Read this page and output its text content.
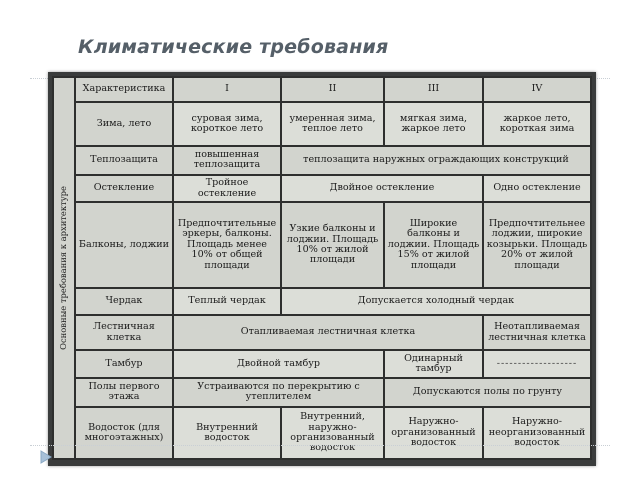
Климатические требования
Основные требования к архитектуре	Характеристика	I	II	III	IV
	Зима, лето	суровая зима, короткое лето	умеренная зима, теплое лето	мягкая зима, жаркое лето	жаркое лето, короткая зима
	Теплозащита	повышенная теплозащита	теплозащита наружных ограждающих конструкций		
	Остекление	Тройное остекление	Двойное остекление		Одно остекление
	Балконы, лоджии	Предпочтительные эркеры, балконы. Площадь менее 10% от общей площади	Узкие балконы и лоджии. Площадь 10% от жилой площади	Широкие балконы и лоджии. Площадь 15% от жилой площади	Предпочтительнее лоджии, широкие козырьки. Площадь 20% от жилой площади
	Чердак	Теплый чердак	Допускается холодный чердак		
	Лестничная клетка	Отапливаемая лестничная клетка			Неотапливаемая лестничная клетка
	Тамбур	Двойной тамбур		Одинарный тамбур	-------------------
	Полы первого этажа	Устраиваются по перекрытию с утеплителем		Допускаются полы по грунту	
	Водосток (для многоэтажных)	Внутренний водосток	Внутренний, наружно-организованный водосток	Наружно-организованный водосток	Наружно-неорганизованный водосток
